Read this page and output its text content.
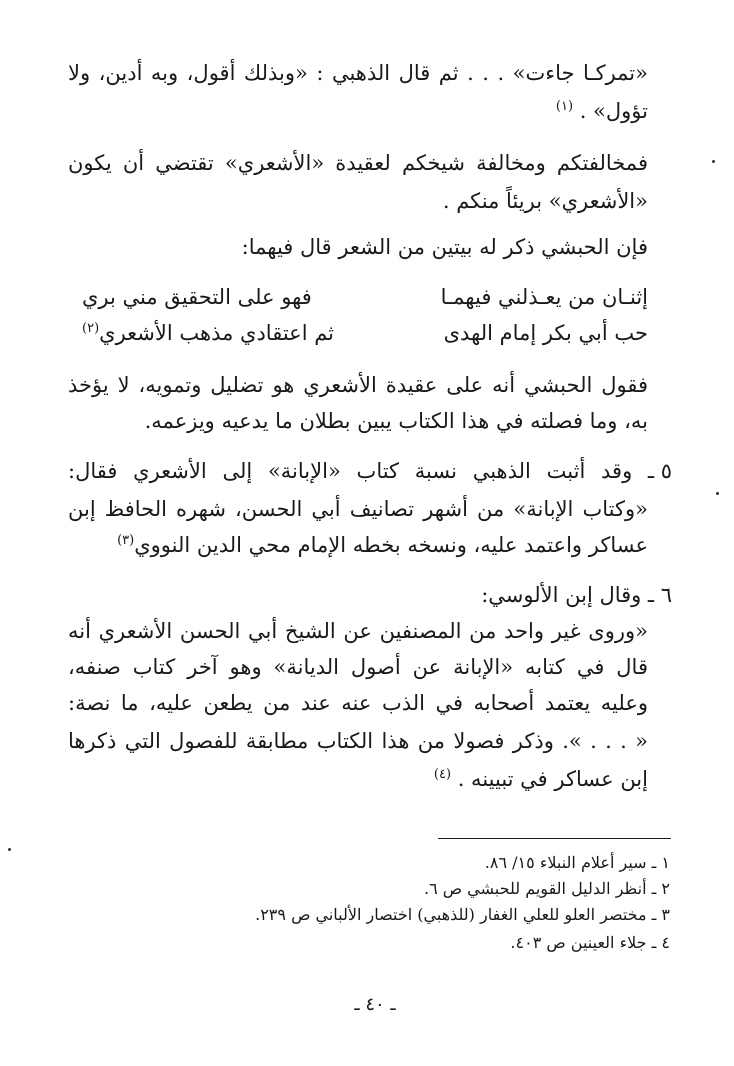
«تمركـا جاءت» . . . ثم قال الذهبي : «وبذلك أقول، وبه أدين، ولا
تؤول» . $^{(١)}$
فمخالفتكم ومخالفة شيخكم لعقيدة «الأشعري» تقتضي أن يكون
«الأشعري» بريئاً منكم .
فإن الحبشي ذكر له بيتين من الشعر قال فيهما:
إثنـان من يعـذلني فيهمـا
فهو على التحقيق مني بري
حب أبي بكر إمام الهدى
ثم اعتقادي مذهب الأشعري$^{(٢)}$
فقول الحبشي أنه على عقيدة الأشعري هو تضليل وتمويه، لا يؤخذ
به، وما فصلته في هذا الكتاب يبين بطلان ما يدعيه ويزعمه.
٥ ـ وقد أثبت الذهبي نسبة كتاب «الإبانة» إلى الأشعري فقال:
«وكتاب الإبانة» من أشهر تصانيف أبي الحسن، شهره الحافظ إبن
عساكر واعتمد عليه، ونسخه بخطه الإمام محي الدين النووي$^{(٣)}$
٦ ـ وقال إبن الألوسي:
«وروى غير واحد من المصنفين عن الشيخ أبي الحسن الأشعري أنه
قال في كتابه «الإبانة عن أصول الديانة» وهو آخر كتاب صنفه،
وعليه يعتمد أصحابه في الذب عنه عند من يطعن عليه، ما نصة:
« . . . ». وذكر فصولا من هذا الكتاب مطابقة للفصول التي ذكرها
إبن عساكر في تبيينه . $^{(٤)}$
١ ـ سير أعلام النبلاء ١٥/ ٨٦.
٢ ـ أنظر الدليل القويم للحبشي ص ٦.
٣ ـ مختصر العلو للعلي الغفار (للذهبي) اختصار الألباني ص ٢٣٩.
٤ ـ جلاء العينين ص ٤٠٣.
ـ ٤٠ ـ
